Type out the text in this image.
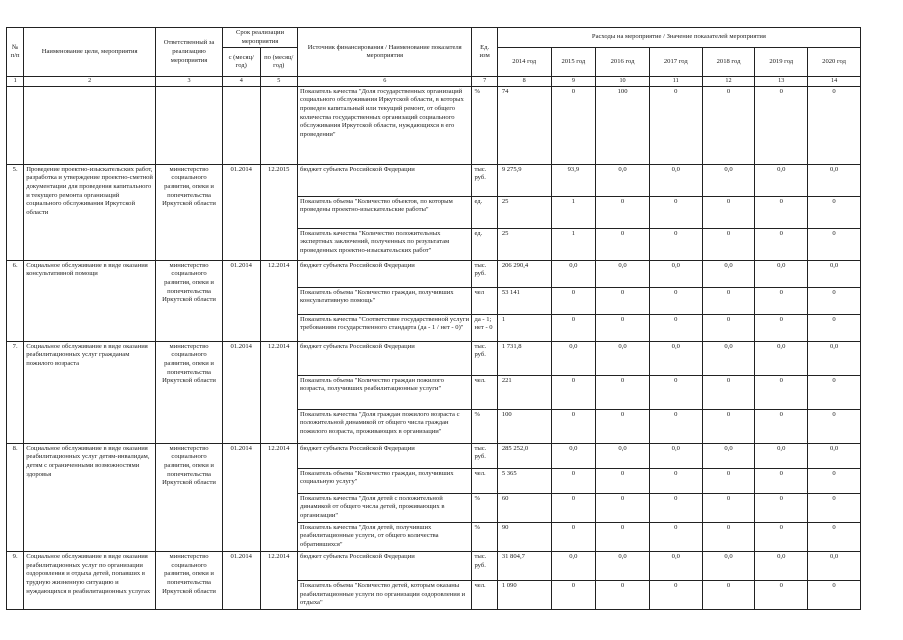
№ п/п	Наименование цели, мероприятия	Ответственный за реализацию мероприятия	Срок реализации мероприятия		Источник финансирования / Наименование показателя мероприятия	Ед. изм	Расходы на мероприятие / Значение показателей мероприятия						
			с (месяц/год)	по (месяц/год)			2014 год	2015 год	2016 год	2017 год	2018 год	2019 год	2020 год

1	2	3	4	5	6	7	8	9	10	11	12	13	14
					Показатель качества "Доля государственных организаций социального обслуживания Иркутской области, в которых проведен капитальный или текущий ремонт, от общего количества государственных организаций социального обслуживания Иркутской области, нуждающихся в его проведении"	%	74	0	100	0	0	0	0
5.	Проведение проектно-изыскательских работ, разработка и утверждение проектно-сметной документации для проведения капитального и текущего ремонта организаций социального обслуживания Иркутской области	министерство социального развития, опеки и попечительства Иркутской области	01.2014	12.2015	бюджет субъекта Российской Федерации	тыс. руб.	9 275,9	93,9	0,0	0,0	0,0	0,0	0,0
					Показатель объема "Количество объектов, по которым проведены проектно-изыскательские работы"	ед.	25	1	0	0	0	0	0
					Показатель качества "Количество положительных экспертных заключений, полученных по результатам проведенных проектно-изыскательских работ"	ед.	25	1	0	0	0	0	0
6.	Социальное обслуживание в виде оказания консультативной помощи	министерство социального развития, опеки и попечительства Иркутской области	01.2014	12.2014	бюджет субъекта Российской Федерации	тыс. руб.	206 290,4	0,0	0,0	0,0	0,0	0,0	0,0
					Показатель объема "Количество граждан, получивших консультативную помощь"	чел	53 141	0	0	0	0	0	0
					Показатель качества "Соответствие государственной услуги требованиям государственного стандарта (да - 1 / нет - 0)"	да - 1; нет - 0	1	0	0	0	0	0	0
7.	Социальное обслуживание в виде оказания реабилитационных услуг гражданам пожилого возраста	министерство социального развития, опеки и попечительства Иркутской области	01.2014	12.2014	бюджет субъекта Российской Федерации	тыс. руб.	1 731,8	0,0	0,0	0,0	0,0	0,0	0,0
					Показатель объема "Количество граждан пожилого возраста, получивших реабилитационные услуги"	чел.	221	0	0	0	0	0	0
					Показатель качества "Доля граждан пожилого возраста с положительной динамикой от общего числа граждан пожилого возраста, проживающих в организации"	%	100	0	0	0	0	0	0
8.	Социальное обслуживание в виде оказания реабилитационных услуг детям-инвалидам, детям с ограниченными возможностями здоровья	министерство социального развития, опеки и попечительства Иркутской области	01.2014	12.2014	бюджет субъекта Российской Федерации	тыс. руб.	285 252,0	0,0	0,0	0,0	0,0	0,0	0,0
					Показатель объема "Количество граждан, получивших социальную услугу"	чел.	5 365	0	0	0	0	0	0
					Показатель качества "Доля детей с положительной динамикой от общего числа детей, проживающих в организации"	%	60	0	0	0	0	0	0
					Показатель качества "Доля детей, получивших реабилитационные услуги, от общего количества обратившихся"	%	90	0	0	0	0	0	0
9.	Социальное обслуживание в виде оказания реабилитационных услуг по организации оздоровления и отдыха детей, попавших в трудную жизненную ситуацию и нуждающихся в реабилитационных услугах	министерство социального развития, опеки и попечительства Иркутской области	01.2014	12.2014	бюджет субъекта Российской Федерации	тыс. руб.	31 804,7	0,0	0,0	0,0	0,0	0,0	0,0
					Показатель объема "Количество детей, которым оказаны реабилитационные услуги по организации оздоровления и отдыха"	чел.	1 090	0	0	0	0	0	0
